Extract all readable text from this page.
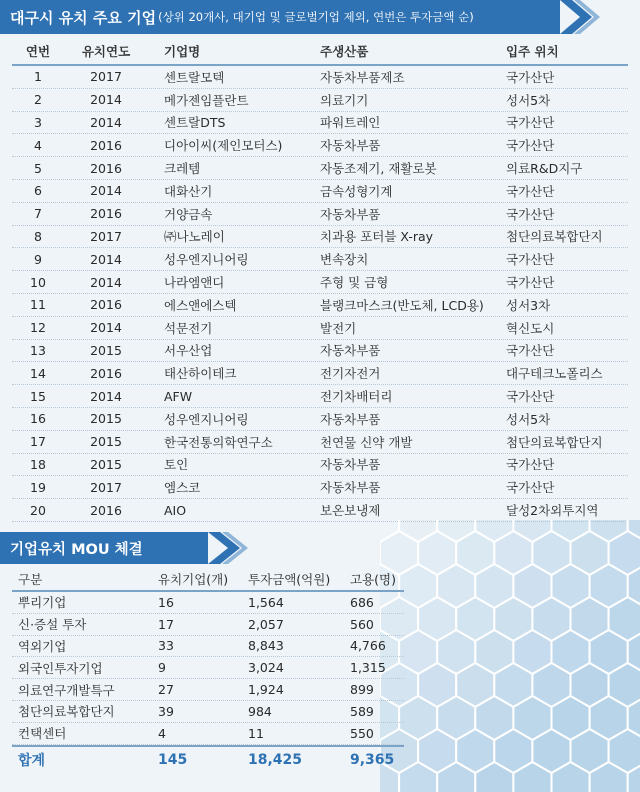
대구시 유치 주요 기업 (상위 20개사, 대기업 및 글로벌기업 제외, 연번은 투자금액 순)
연번	유치연도	기업명	주생산품	입주 위치
1	2017	센트랄모텍	자동차부품제조	국가산단
2	2014	메가젠임플란트	의료기기	성서5차
3	2014	센트랄DTS	파워트레인	국가산단
4	2016	디아이씨(제인모터스)	자동차부품	국가산단
5	2016	크레템	자동조제기, 재활로봇	의료R&D지구
6	2014	대화산기	금속성형기계	국가산단
7	2016	거양금속	자동차부품	국가산단
8	2017	㈜나노레이	치과용 포터블 X-ray	첨단의료복합단지
9	2014	성우엔지니어링	변속장치	국가산단
10	2014	나라엠앤디	주형 및 금형	국가산단
11	2016	에스앤에스텍	블랭크마스크(반도체, LCD용)	성서3차
12	2014	석문전기	발전기	혁신도시
13	2015	서우산업	자동차부품	국가산단
14	2016	태산하이테크	전기자전거	대구테크노폴리스
15	2014	AFW	전기차배터리	국가산단
16	2015	성우엔지니어링	자동차부품	성서5차
17	2015	한국전통의학연구소	천연물 신약 개발	첨단의료복합단지
18	2015	토인	자동차부품	국가산단
19	2017	엠스코	자동차부품	국가산단
20	2016	AIO	보온보냉제	달성2차외투지역
기업유치 MOU 체결
구분	유치기업(개)	투자금액(억원)	고용(명)
뿌리기업	16	1,564	686
신·증설 투자	17	2,057	560
역외기업	33	8,843	4,766
외국인투자기업	9	3,024	1,315
의료연구개발특구	27	1,924	899
첨단의료복합단지	39	984	589
컨택센터	4	11	550
합계	145	18,425	9,365
